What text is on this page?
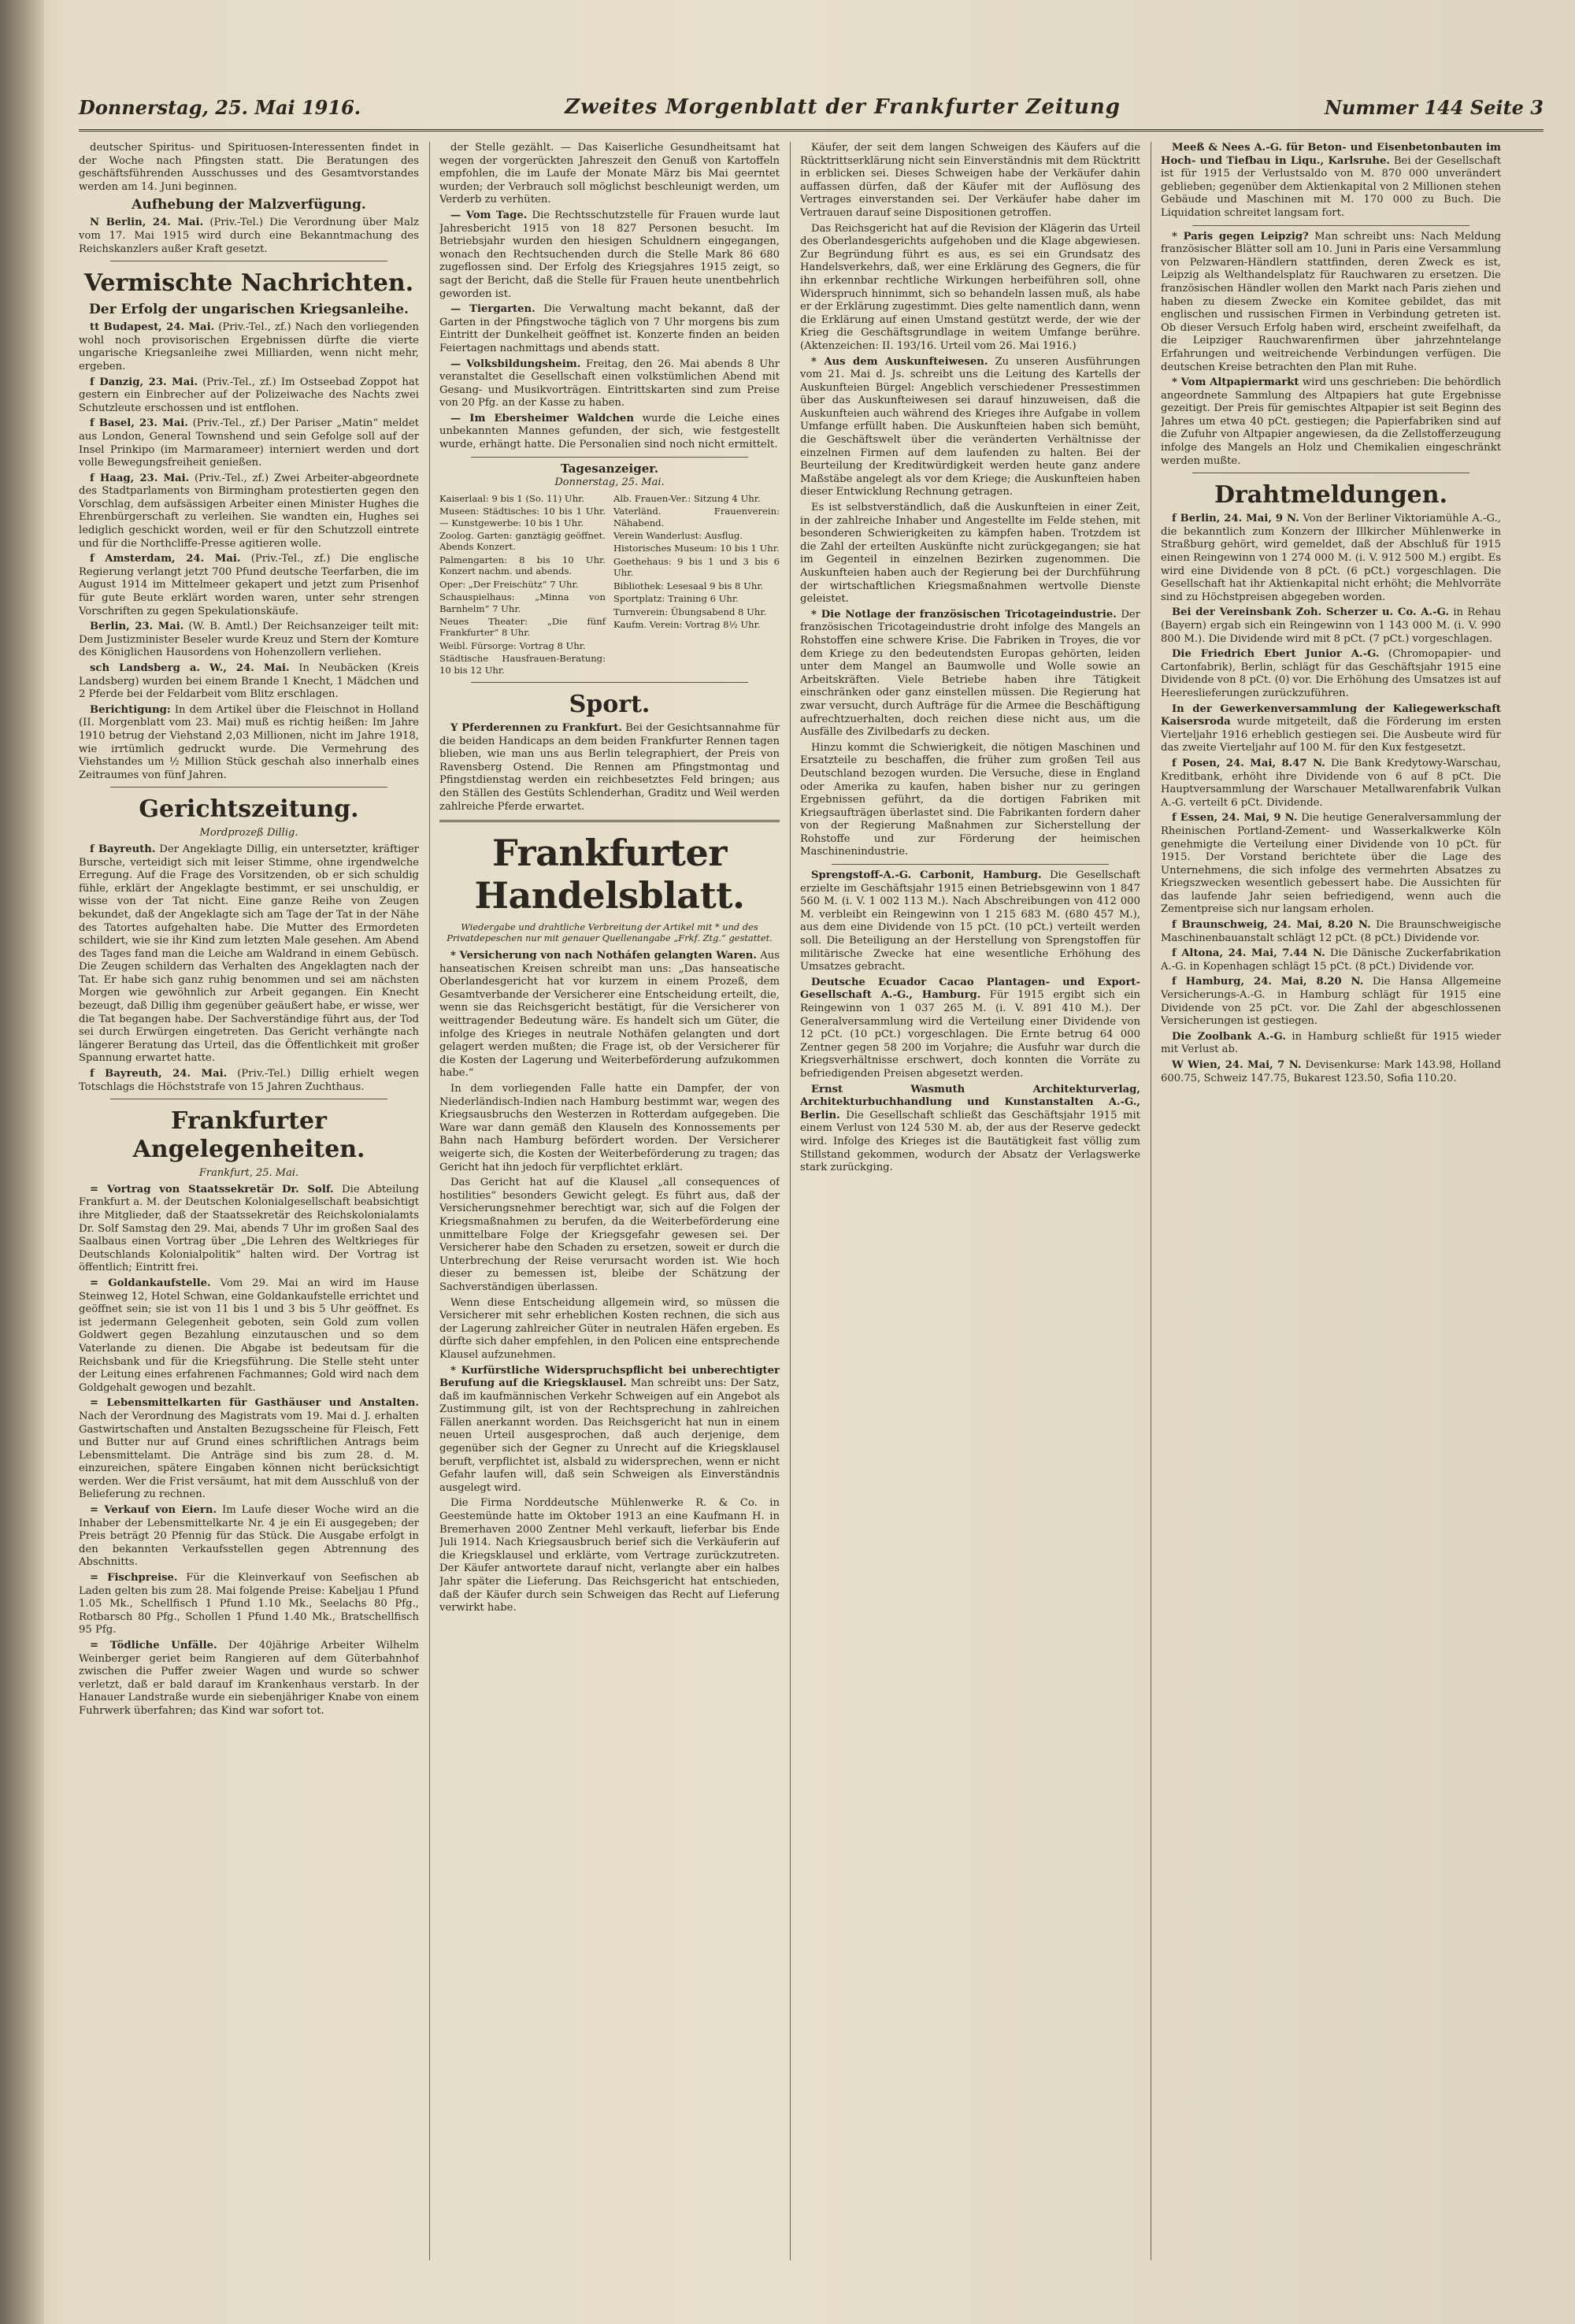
Donnerstag, 25. Mai 1916.	Zweites Morgenblatt der Frankfurter Zeitung	Nummer 144 Seite 3

deutscher Spiritus- und Spirituosen-Interessenten findet in der Woche nach Pfingsten statt. Die Beratungen des geschäftsführenden Ausschusses und des Gesamtvorstandes werden am 14. Juni beginnen.

Aufhebung der Malzverfügung.

N Berlin, 24. Mai. (Priv.-Tel.) Die Verordnung über Malz vom 17. Mai 1915 wird durch eine Bekanntmachung des Reichskanzlers außer Kraft gesetzt.

Vermischte Nachrichten.
Der Erfolg der ungarischen Kriegsanleihe.

tt Budapest, 24. Mai. (Priv.-Tel., zf.) Nach den vorliegenden wohl noch provisorischen Ergebnissen dürfte die vierte ungarische Kriegsanleihe zwei Milliarden, wenn nicht mehr, ergeben.

f Danzig, 23. Mai. (Priv.-Tel., zf.) Im Ostseebad Zoppot hat gestern ein Einbrecher auf der Polizeiwache des Nachts zwei Schutzleute erschossen und ist entflohen.

f Basel, 23. Mai. (Priv.-Tel., zf.) Der Pariser „Matin“ meldet aus London, General Townshend und sein Gefolge soll auf der Insel Prinkipo (im Marmarameer) interniert werden und dort volle Bewegungsfreiheit genießen.

f Haag, 23. Mai. (Priv.-Tel., zf.) Zwei Arbeiter-abgeordnete des Stadtparlaments von Birmingham protestierten gegen den Vorschlag, dem aufsässigen Arbeiter einen Minister Hughes die Ehrenbürgerschaft zu verleihen. Sie wandten ein, Hughes sei lediglich geschickt worden, weil er für den Schutzzoll eintrete und für die Northcliffe-Presse agitieren wolle.

f Amsterdam, 24. Mai. (Priv.-Tel., zf.) Die englische Regierung verlangt jetzt 700 Pfund deutsche Teerfarben, die im August 1914 im Mittelmeer gekapert und jetzt zum Prisenhof für gute Beute erklärt worden waren, unter sehr strengen Vorschriften zu gegen Spekulationskäufe.

Berlin, 23. Mai. (W. B. Amtl.) Der Reichsanzeiger teilt mit: Dem Justizminister Beseler wurde Kreuz und Stern der Komture des Königlichen Hausordens von Hohenzollern verliehen.

sch Landsberg a. W., 24. Mai. In Neubäcken (Kreis Landsberg) wurden bei einem Brande 1 Knecht, 1 Mädchen und 2 Pferde bei der Feldarbeit vom Blitz erschlagen.

Berichtigung: In dem Artikel über die Fleischnot in Holland (II. Morgenblatt vom 23. Mai) muß es richtig heißen: Im Jahre 1910 betrug der Viehstand 2,03 Millionen, nicht im Jahre 1918, wie irrtümlich gedruckt wurde. Die Vermehrung des Viehstandes um ½ Million Stück geschah also innerhalb eines Zeitraumes von fünf Jahren.

Gerichtszeitung.
Mordprozeß Dillig.

f Bayreuth. Der Angeklagte Dillig, ein untersetzter, kräftiger Bursche, verteidigt sich mit leiser Stimme, ohne irgendwelche Erregung. Auf die Frage des Vorsitzenden, ob er sich schuldig fühle, erklärt der Angeklagte bestimmt, er sei unschuldig, er wisse von der Tat nicht. Eine ganze Reihe von Zeugen bekundet, daß der Angeklagte sich am Tage der Tat in der Nähe des Tatortes aufgehalten habe. Die Mutter des Ermordeten schildert, wie sie ihr Kind zum letzten Male gesehen. Am Abend des Tages fand man die Leiche am Waldrand in einem Gebüsch. Die Zeugen schildern das Verhalten des Angeklagten nach der Tat. Er habe sich ganz ruhig benommen und sei am nächsten Morgen wie gewöhnlich zur Arbeit gegangen. Ein Knecht bezeugt, daß Dillig ihm gegenüber geäußert habe, er wisse, wer die Tat begangen habe. Der Sachverständige führt aus, der Tod sei durch Erwürgen eingetreten. Das Gericht verhängte nach längerer Beratung das Urteil, das die Öffentlichkeit mit großer Spannung erwartet hatte.

f Bayreuth, 24. Mai. (Priv.-Tel.) Dillig erhielt wegen Totschlags die Höchststrafe von 15 Jahren Zuchthaus.

Frankfurter Angelegenheiten.
Frankfurt, 25. Mai.

= Vortrag von Staatssekretär Dr. Solf. Die Abteilung Frankfurt a. M. der Deutschen Kolonialgesellschaft beabsichtigt ihre Mitglieder, daß der Staatssekretär des Reichskolonialamts Dr. Solf Samstag den 29. Mai, abends 7 Uhr im großen Saal des Saalbaus einen Vortrag über „Die Lehren des Weltkrieges für Deutschlands Kolonialpolitik“ halten wird. Der Vortrag ist öffentlich; Eintritt frei.

= Goldankaufstelle. Vom 29. Mai an wird im Hause Steinweg 12, Hotel Schwan, eine Goldankaufstelle errichtet und geöffnet sein; sie ist von 11 bis 1 und 3 bis 5 Uhr geöffnet. Es ist jedermann Gelegenheit geboten, sein Gold zum vollen Goldwert gegen Bezahlung einzutauschen und so dem Vaterlande zu dienen. Die Abgabe ist bedeutsam für die Reichsbank und für die Kriegsführung. Die Stelle steht unter der Leitung eines erfahrenen Fachmannes; Gold wird nach dem Goldgehalt gewogen und bezahlt.

= Lebensmittelkarten für Gasthäuser und Anstalten. Nach der Verordnung des Magistrats vom 19. Mai d. J. erhalten Gastwirtschaften und Anstalten Bezugsscheine für Fleisch, Fett und Butter nur auf Grund eines schriftlichen Antrags beim Lebensmittelamt. Die Anträge sind bis zum 28. d. M. einzureichen, spätere Eingaben können nicht berücksichtigt werden. Wer die Frist versäumt, hat mit dem Ausschluß von der Belieferung zu rechnen.

= Verkauf von Eiern. Im Laufe dieser Woche wird an die Inhaber der Lebensmittelkarte Nr. 4 je ein Ei ausgegeben; der Preis beträgt 20 Pfennig für das Stück. Die Ausgabe erfolgt in den bekannten Verkaufsstellen gegen Abtrennung des Abschnitts.

= Fischpreise. Für die Kleinverkauf von Seefischen ab Laden gelten bis zum 28. Mai folgende Preise: Kabeljau 1 Pfund 1.05 Mk., Schellfisch 1 Pfund 1.10 Mk., Seelachs 80 Pfg., Rotbarsch 80 Pfg., Schollen 1 Pfund 1.40 Mk., Bratschellfisch 95 Pfg.

= Tödliche Unfälle. Der 40jährige Arbeiter Wilhelm Weinberger geriet beim Rangieren auf dem Güterbahnhof zwischen die Puffer zweier Wagen und wurde so schwer verletzt, daß er bald darauf im Krankenhaus verstarb. In der Hanauer Landstraße wurde ein siebenjähriger Knabe von einem Fuhrwerk überfahren; das Kind war sofort tot.

der Stelle gezählt. — Das Kaiserliche Gesundheitsamt hat wegen der vorgerückten Jahreszeit den Genuß von Kartoffeln empfohlen, die im Laufe der Monate März bis Mai geerntet wurden; der Verbrauch soll möglichst beschleunigt werden, um Verderb zu verhüten.

— Vom Tage. Die Rechtsschutzstelle für Frauen wurde laut Jahresbericht 1915 von 18 827 Personen besucht. Im Betriebsjahr wurden den hiesigen Schuldnern eingegangen, wonach den Rechtsuchenden durch die Stelle Mark 86 680 zugeflossen sind. Der Erfolg des Kriegsjahres 1915 zeigt, so sagt der Bericht, daß die Stelle für Frauen heute unentbehrlich geworden ist.

— Tiergarten. Die Verwaltung macht bekannt, daß der Garten in der Pfingstwoche täglich von 7 Uhr morgens bis zum Eintritt der Dunkelheit geöffnet ist. Konzerte finden an beiden Feiertagen nachmittags und abends statt.

— Volksbildungsheim. Freitag, den 26. Mai abends 8 Uhr veranstaltet die Gesellschaft einen volkstümlichen Abend mit Gesang- und Musikvorträgen. Eintrittskarten sind zum Preise von 20 Pfg. an der Kasse zu haben.

— Im Ebersheimer Waldchen wurde die Leiche eines unbekannten Mannes gefunden, der sich, wie festgestellt wurde, erhängt hatte. Die Personalien sind noch nicht ermittelt.

Tagesanzeiger.
Donnerstag, 25. Mai.

Kaiserlaal: 9 bis 1 (So. 11) Uhr.

Museen: Städtisches: 10 bis 1 Uhr. — Kunstgewerbe: 10 bis 1 Uhr.

Zoolog. Garten: ganztägig geöffnet. Abends Konzert.

Palmengarten: 8 bis 10 Uhr. Konzert nachm. und abends.

Oper: „Der Freischütz“ 7 Uhr.

Schauspielhaus: „Minna von Barnhelm“ 7 Uhr.

Neues Theater: „Die fünf Frankfurter“ 8 Uhr.

Weibl. Fürsorge: Vortrag 8 Uhr.

Städtische Hausfrauen-Beratung: 10 bis 12 Uhr.

Alb. Frauen-Ver.: Sitzung 4 Uhr.

Vaterländ. Frauenverein: Nähabend.

Verein Wanderlust: Ausflug.

Historisches Museum: 10 bis 1 Uhr.

Goethehaus: 9 bis 1 und 3 bis 6 Uhr.

Bibliothek: Lesesaal 9 bis 8 Uhr.

Sportplatz: Training 6 Uhr.

Turnverein: Übungsabend 8 Uhr.

Kaufm. Verein: Vortrag 8½ Uhr.

Sport.

Y Pferderennen zu Frankfurt. Bei der Gesichtsannahme für die beiden Handicaps an dem beiden Frankfurter Rennen tagen blieben, wie man uns aus Berlin telegraphiert, der Preis von Ravensberg Ostend. Die Rennen am Pfingstmontag und Pfingstdienstag werden ein reichbesetztes Feld bringen; aus den Ställen des Gestüts Schlenderhan, Graditz und Weil werden zahlreiche Pferde erwartet.

Frankfurter Handelsblatt.
Wiedergabe und drahtliche Verbreitung der Artikel mit * und des Privatdepeschen nur mit genauer Quellenangabe „Frkf. Ztg.“ gestattet.

* Versicherung von nach Notháfen gelangten Waren. Aus hanseatischen Kreisen schreibt man uns: „Das hanseatische Oberlandesgericht hat vor kurzem in einem Prozeß, dem Gesamtverbande der Versicherer eine Entscheidung erteilt, die, wenn sie das Reichsgericht bestätigt, für die Versicherer von weittragender Bedeutung wäre. Es handelt sich um Güter, die infolge des Krieges in neutrale Nothäfen gelangten und dort gelagert werden mußten; die Frage ist, ob der Versicherer für die Kosten der Lagerung und Weiterbeförderung aufzukommen habe.“

In dem vorliegenden Falle hatte ein Dampfer, der von Niederländisch-Indien nach Hamburg bestimmt war, wegen des Kriegsausbruchs den Westerzen in Rotterdam aufgegeben. Die Ware war dann gemäß den Klauseln des Konnossements per Bahn nach Hamburg befördert worden. Der Versicherer weigerte sich, die Kosten der Weiterbeförderung zu tragen; das Gericht hat ihn jedoch für verpflichtet erklärt.

Das Gericht hat auf die Klausel „all consequences of hostilities“ besonders Gewicht gelegt. Es führt aus, daß der Versicherungsnehmer berechtigt war, sich auf die Folgen der Kriegsmaßnahmen zu berufen, da die Weiterbeförderung eine unmittelbare Folge der Kriegsgefahr gewesen sei. Der Versicherer habe den Schaden zu ersetzen, soweit er durch die Unterbrechung der Reise verursacht worden ist. Wie hoch dieser zu bemessen ist, bleibe der Schätzung der Sachverständigen überlassen.

Wenn diese Entscheidung allgemein wird, so müssen die Versicherer mit sehr erheblichen Kosten rechnen, die sich aus der Lagerung zahlreicher Güter in neutralen Häfen ergeben. Es dürfte sich daher empfehlen, in den Policen eine entsprechende Klausel aufzunehmen.

* Kurfürstliche Widerspruchspflicht bei unberechtigter Berufung auf die Kriegsklausel. Man schreibt uns: Der Satz, daß im kaufmännischen Verkehr Schweigen auf ein Angebot als Zustimmung gilt, ist von der Rechtsprechung in zahlreichen Fällen anerkannt worden. Das Reichsgericht hat nun in einem neuen Urteil ausgesprochen, daß auch derjenige, dem gegenüber sich der Gegner zu Unrecht auf die Kriegsklausel beruft, verpflichtet ist, alsbald zu widersprechen, wenn er nicht Gefahr laufen will, daß sein Schweigen als Einverständnis ausgelegt wird.

Die Firma Norddeutsche Mühlenwerke R. & Co. in Geestemünde hatte im Oktober 1913 an eine Kaufmann H. in Bremerhaven 2000 Zentner Mehl verkauft, lieferbar bis Ende Juli 1914. Nach Kriegsausbruch berief sich die Verkäuferin auf die Kriegsklausel und erklärte, vom Vertrage zurückzutreten. Der Käufer antwortete darauf nicht, verlangte aber ein halbes Jahr später die Lieferung. Das Reichsgericht hat entschieden, daß der Käufer durch sein Schweigen das Recht auf Lieferung verwirkt habe.

Käufer, der seit dem langen Schweigen des Käufers auf die Rücktrittserklärung nicht sein Einverständnis mit dem Rücktritt in erblicken sei. Dieses Schweigen habe der Verkäufer dahin auffassen dürfen, daß der Käufer mit der Auflösung des Vertrages einverstanden sei. Der Verkäufer habe daher im Vertrauen darauf seine Dispositionen getroffen.

Das Reichsgericht hat auf die Revision der Klägerin das Urteil des Oberlandesgerichts aufgehoben und die Klage abgewiesen. Zur Begründung führt es aus, es sei ein Grundsatz des Handelsverkehrs, daß, wer eine Erklärung des Gegners, die für ihn erkennbar rechtliche Wirkungen herbeiführen soll, ohne Widerspruch hinnimmt, sich so behandeln lassen muß, als habe er der Erklärung zugestimmt. Dies gelte namentlich dann, wenn die Erklärung auf einen Umstand gestützt werde, der wie der Krieg die Geschäftsgrundlage in weitem Umfange berühre. (Aktenzeichen: II. 193/16. Urteil vom 26. Mai 1916.)

* Aus dem Auskunfteiwesen. Zu unseren Ausführungen vom 21. Mai d. Js. schreibt uns die Leitung des Kartells der Auskunfteien Bürgel: Angeblich verschiedener Pressestimmen über das Auskunfteiwesen sei darauf hinzuweisen, daß die Auskunfteien auch während des Krieges ihre Aufgabe in vollem Umfange erfüllt haben. Die Auskunfteien haben sich bemüht, die Geschäftswelt über die veränderten Verhältnisse der einzelnen Firmen auf dem laufenden zu halten. Bei der Beurteilung der Kreditwürdigkeit werden heute ganz andere Maßstäbe angelegt als vor dem Kriege; die Auskunfteien haben dieser Entwicklung Rechnung getragen.

Es ist selbstverständlich, daß die Auskunfteien in einer Zeit, in der zahlreiche Inhaber und Angestellte im Felde stehen, mit besonderen Schwierigkeiten zu kämpfen haben. Trotzdem ist die Zahl der erteilten Auskünfte nicht zurückgegangen; sie hat im Gegenteil in einzelnen Bezirken zugenommen. Die Auskunfteien haben auch der Regierung bei der Durchführung der wirtschaftlichen Kriegsmaßnahmen wertvolle Dienste geleistet.

* Die Notlage der französischen Tricotageindustrie. Der französischen Tricotageindustrie droht infolge des Mangels an Rohstoffen eine schwere Krise. Die Fabriken in Troyes, die vor dem Kriege zu den bedeutendsten Europas gehörten, leiden unter dem Mangel an Baumwolle und Wolle sowie an Arbeitskräften. Viele Betriebe haben ihre Tätigkeit einschränken oder ganz einstellen müssen. Die Regierung hat zwar versucht, durch Aufträge für die Armee die Beschäftigung aufrechtzuerhalten, doch reichen diese nicht aus, um die Ausfälle des Zivilbedarfs zu decken.

Hinzu kommt die Schwierigkeit, die nötigen Maschinen und Ersatzteile zu beschaffen, die früher zum großen Teil aus Deutschland bezogen wurden. Die Versuche, diese in England oder Amerika zu kaufen, haben bisher nur zu geringen Ergebnissen geführt, da die dortigen Fabriken mit Kriegsaufträgen überlastet sind. Die Fabrikanten fordern daher von der Regierung Maßnahmen zur Sicherstellung der Rohstoffe und zur Förderung der heimischen Maschinenindustrie.

Sprengstoff-A.-G. Carbonit, Hamburg. Die Gesellschaft erzielte im Geschäftsjahr 1915 einen Betriebsgewinn von 1 847 560 M. (i. V. 1 002 113 M.). Nach Abschreibungen von 412 000 M. verbleibt ein Reingewinn von 1 215 683 M. (680 457 M.), aus dem eine Dividende von 15 pCt. (10 pCt.) verteilt werden soll. Die Beteiligung an der Herstellung von Sprengstoffen für militärische Zwecke hat eine wesentliche Erhöhung des Umsatzes gebracht.

Deutsche Ecuador Cacao Plantagen- und Export-Gesellschaft A.-G., Hamburg. Für 1915 ergibt sich ein Reingewinn von 1 037 265 M. (i. V. 891 410 M.). Der Generalversammlung wird die Verteilung einer Dividende von 12 pCt. (10 pCt.) vorgeschlagen. Die Ernte betrug 64 000 Zentner gegen 58 200 im Vorjahre; die Ausfuhr war durch die Kriegsverhältnisse erschwert, doch konnten die Vorräte zu befriedigenden Preisen abgesetzt werden.

Ernst Wasmuth Architekturverlag, Architekturbuchhandlung und Kunstanstalten A.-G., Berlin. Die Gesellschaft schließt das Geschäftsjahr 1915 mit einem Verlust von 124 530 M. ab, der aus der Reserve gedeckt wird. Infolge des Krieges ist die Bautätigkeit fast völlig zum Stillstand gekommen, wodurch der Absatz der Verlagswerke stark zurückging.

Meeß & Nees A.-G. für Beton- und Eisenbetonbauten im Hoch- und Tiefbau in Liqu., Karlsruhe. Bei der Gesellschaft ist für 1915 der Verlustsaldo von M. 870 000 unverändert geblieben; gegenüber dem Aktienkapital von 2 Millionen stehen Gebäude und Maschinen mit M. 170 000 zu Buch. Die Liquidation schreitet langsam fort.

* Paris gegen Leipzig? Man schreibt uns: Nach Meldung französischer Blätter soll am 10. Juni in Paris eine Versammlung von Pelzwaren-Händlern stattfinden, deren Zweck es ist, Leipzig als Welthandelsplatz für Rauchwaren zu ersetzen. Die französischen Händler wollen den Markt nach Paris ziehen und haben zu diesem Zwecke ein Komitee gebildet, das mit englischen und russischen Firmen in Verbindung getreten ist. Ob dieser Versuch Erfolg haben wird, erscheint zweifelhaft, da die Leipziger Rauchwarenfirmen über jahrzehntelange Erfahrungen und weitreichende Verbindungen verfügen. Die deutschen Kreise betrachten den Plan mit Ruhe.

* Vom Altpapiermarkt wird uns geschrieben: Die behördlich angeordnete Sammlung des Altpapiers hat gute Ergebnisse gezeitigt. Der Preis für gemischtes Altpapier ist seit Beginn des Jahres um etwa 40 pCt. gestiegen; die Papierfabriken sind auf die Zufuhr von Altpapier angewiesen, da die Zellstofferzeugung infolge des Mangels an Holz und Chemikalien eingeschränkt werden mußte.

Drahtmeldungen.

f Berlin, 24. Mai, 9 N. Von der Berliner Viktoriamühle A.-G., die bekanntlich zum Konzern der Illkircher Mühlenwerke in Straßburg gehört, wird gemeldet, daß der Abschluß für 1915 einen Reingewinn von 1 274 000 M. (i. V. 912 500 M.) ergibt. Es wird eine Dividende von 8 pCt. (6 pCt.) vorgeschlagen. Die Gesellschaft hat ihr Aktienkapital nicht erhöht; die Mehlvorräte sind zu Höchstpreisen abgegeben worden.

Bei der Vereinsbank Zoh. Scherzer u. Co. A.-G. in Rehau (Bayern) ergab sich ein Reingewinn von 1 143 000 M. (i. V. 990 800 M.). Die Dividende wird mit 8 pCt. (7 pCt.) vorgeschlagen.

Die Friedrich Ebert Junior A.-G. (Chromopapier- und Cartonfabrik), Berlin, schlägt für das Geschäftsjahr 1915 eine Dividende von 8 pCt. (0) vor. Die Erhöhung des Umsatzes ist auf Heereslieferungen zurückzuführen.

In der Gewerkenversammlung der Kaliegewerkschaft Kaisersroda wurde mitgeteilt, daß die Förderung im ersten Vierteljahr 1916 erheblich gestiegen sei. Die Ausbeute wird für das zweite Vierteljahr auf 100 M. für den Kux festgesetzt.

f Posen, 24. Mai, 8.47 N. Die Bank Kredytowy-Warschau, Kreditbank, erhöht ihre Dividende von 6 auf 8 pCt. Die Hauptversammlung der Warschauer Metallwarenfabrik Vulkan A.-G. verteilt 6 pCt. Dividende.

f Essen, 24. Mai, 9 N. Die heutige Generalversammlung der Rheinischen Portland-Zement- und Wasserkalkwerke Köln genehmigte die Verteilung einer Dividende von 10 pCt. für 1915. Der Vorstand berichtete über die Lage des Unternehmens, die sich infolge des vermehrten Absatzes zu Kriegszwecken wesentlich gebessert habe. Die Aussichten für das laufende Jahr seien befriedigend, wenn auch die Zementpreise sich nur langsam erholen.

f Braunschweig, 24. Mai, 8.20 N. Die Braunschweigische Maschinenbauanstalt schlägt 12 pCt. (8 pCt.) Dividende vor.

f Altona, 24. Mai, 7.44 N. Die Dänische Zuckerfabrikation A.-G. in Kopenhagen schlägt 15 pCt. (8 pCt.) Dividende vor.

f Hamburg, 24. Mai, 8.20 N. Die Hansa Allgemeine Versicherungs-A.-G. in Hamburg schlägt für 1915 eine Dividende von 25 pCt. vor. Die Zahl der abgeschlossenen Versicherungen ist gestiegen.

Die Zoolbank A.-G. in Hamburg schließt für 1915 wieder mit Verlust ab.

W Wien, 24. Mai, 7 N. Devisenkurse: Mark 143.98, Holland 600.75, Schweiz 147.75, Bukarest 123.50, Sofia 110.20.
